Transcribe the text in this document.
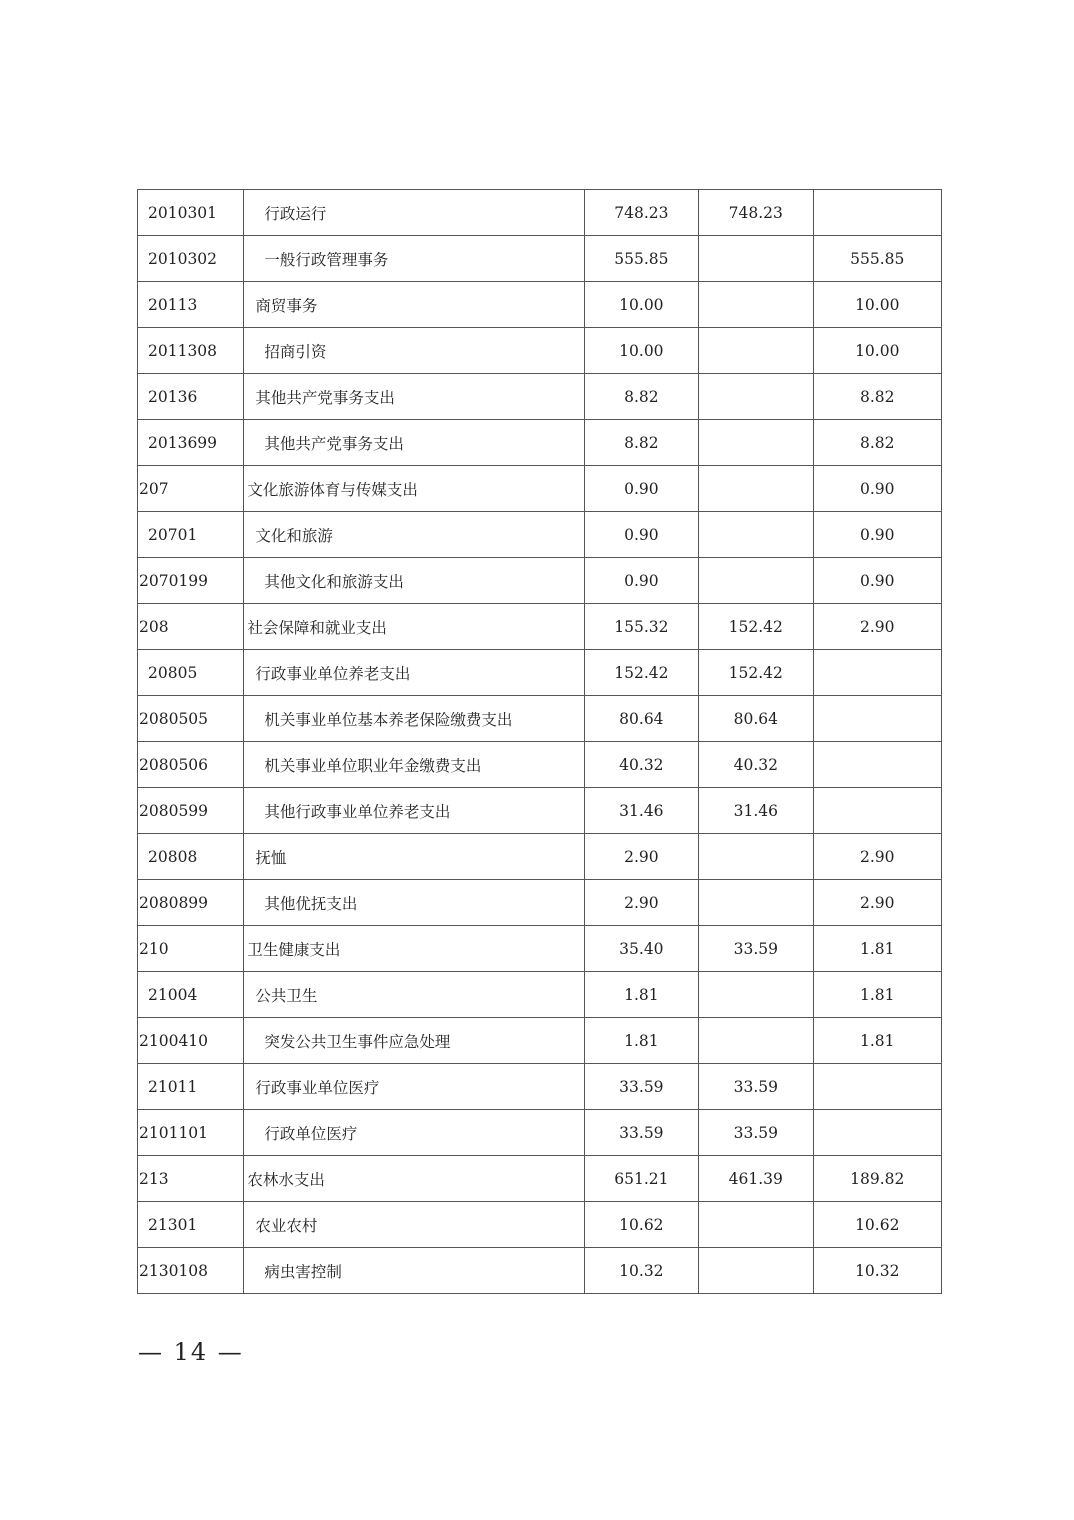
2010301	行政运行	748.23	748.23	
2010302	一般行政管理事务	555.85		555.85
20113	商贸事务	10.00		10.00
2011308	招商引资	10.00		10.00
20136	其他共产党事务支出	8.82		8.82
2013699	其他共产党事务支出	8.82		8.82
207	文化旅游体育与传媒支出	0.90		0.90
20701	文化和旅游	0.90		0.90
2070199	其他文化和旅游支出	0.90		0.90
208	社会保障和就业支出	155.32	152.42	2.90
20805	行政事业单位养老支出	152.42	152.42	
2080505	机关事业单位基本养老保险缴费支出	80.64	80.64	
2080506	机关事业单位职业年金缴费支出	40.32	40.32	
2080599	其他行政事业单位养老支出	31.46	31.46	
20808	抚恤	2.90		2.90
2080899	其他优抚支出	2.90		2.90
210	卫生健康支出	35.40	33.59	1.81
21004	公共卫生	1.81		1.81
2100410	突发公共卫生事件应急处理	1.81		1.81
21011	行政事业单位医疗	33.59	33.59	
2101101	行政单位医疗	33.59	33.59	
213	农林水支出	651.21	461.39	189.82
21301	农业农村	10.62		10.62
2130108	病虫害控制	10.32		10.32
— 14 —
